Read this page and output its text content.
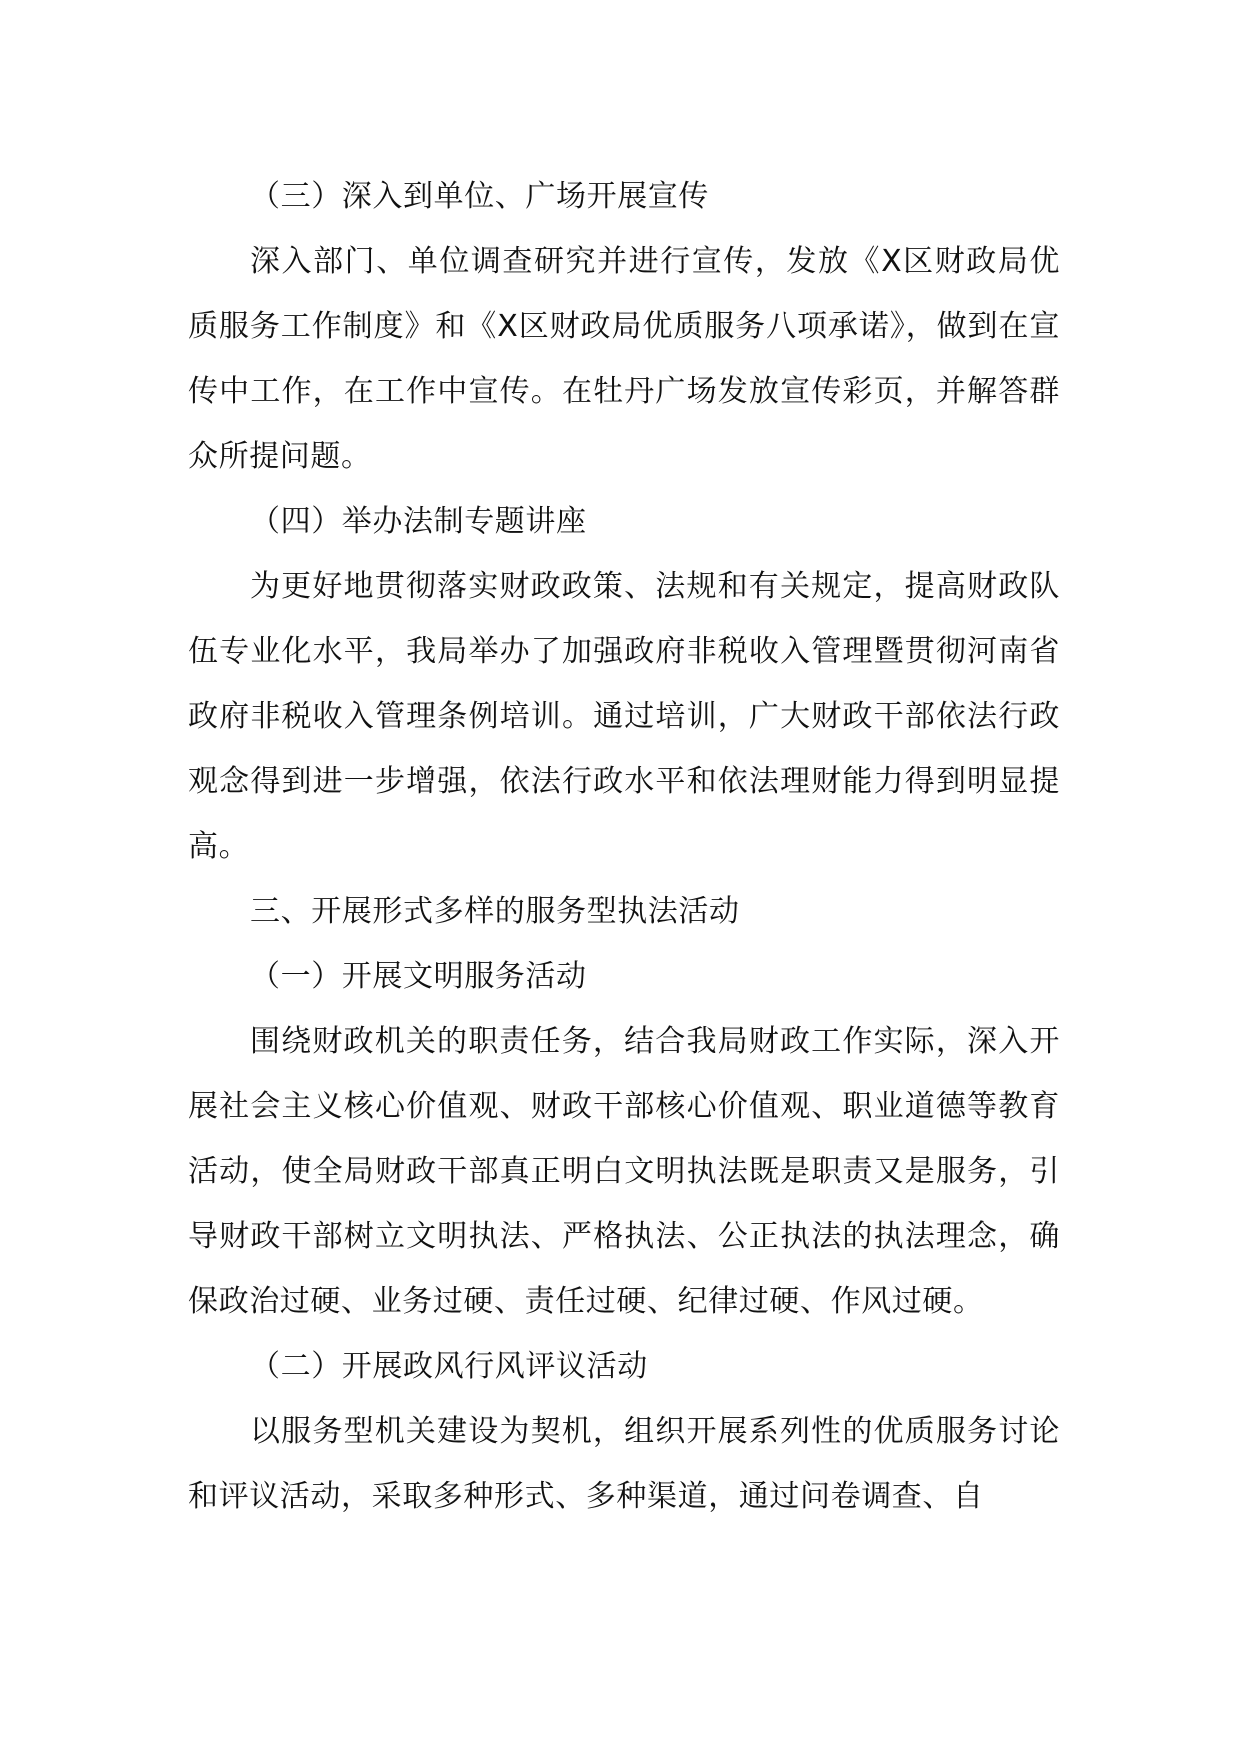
（三）深入到单位、广场开展宣传

深入部门、单位调查研究并进行宣传，发放《X区财政局优质服务工作制度》和《X区财政局优质服务八项承诺》，做到在宣传中工作，在工作中宣传。在牡丹广场发放宣传彩页，并解答群众所提问题。

（四）举办法制专题讲座

为更好地贯彻落实财政政策、法规和有关规定，提高财政队伍专业化水平，我局举办了加强政府非税收入管理暨贯彻河南省政府非税收入管理条例培训。通过培训，广大财政干部依法行政观念得到进一步增强，依法行政水平和依法理财能力得到明显提高。

三、开展形式多样的服务型执法活动

（一）开展文明服务活动

围绕财政机关的职责任务，结合我局财政工作实际，深入开展社会主义核心价值观、财政干部核心价值观、职业道德等教育活动，使全局财政干部真正明白文明执法既是职责又是服务，引导财政干部树立文明执法、严格执法、公正执法的执法理念，确保政治过硬、业务过硬、责任过硬、纪律过硬、作风过硬。

（二）开展政风行风评议活动

以服务型机关建设为契机，组织开展系列性的优质服务讨论和评议活动，采取多种形式、多种渠道，通过问卷调查、自
